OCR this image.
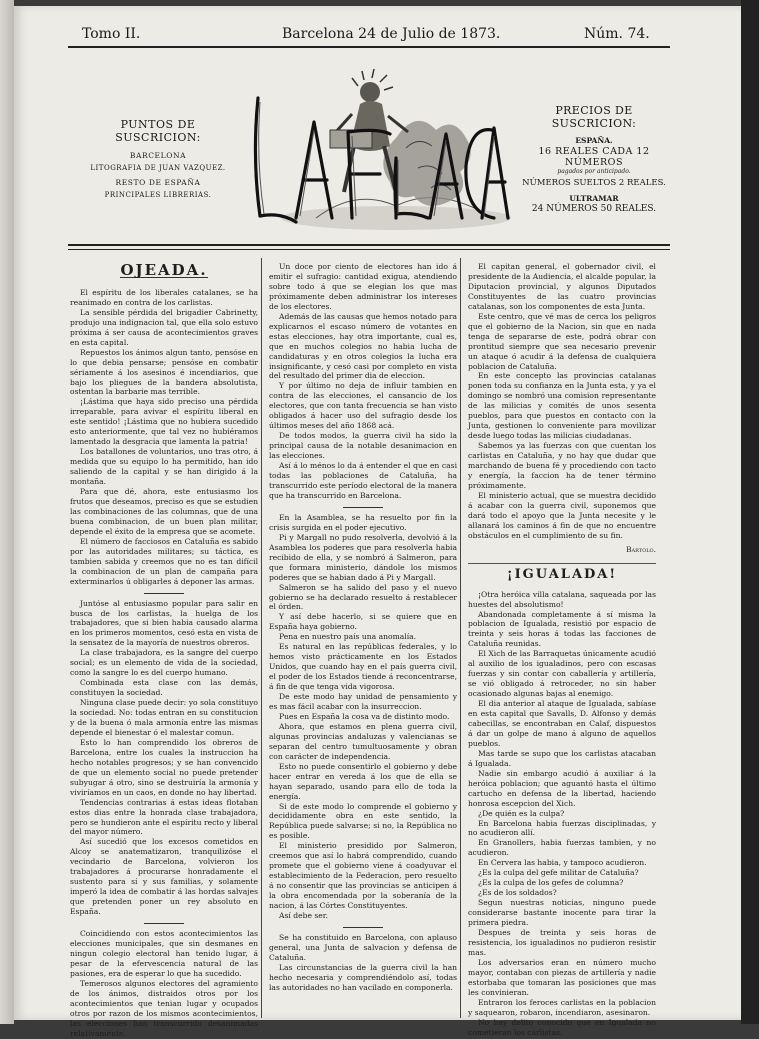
Tomo II.	Barcelona 24 de Julio de 1873.	Núm. 74.
PUNTOS DE SUSCRICION:
BARCELONA
LITOGRAFIA DE JUAN VAZQUEZ.
RESTO DE ESPAÑA
PRINCIPALES LIBRERIAS.
PRECIOS DE SUSCRICION:
ESPAÑA.
16 REALES CADA 12 NÚMEROS
pagados por anticipado.
NÚMEROS SUELTOS 2 REALES.
ULTRAMAR
24 NÚMEROS 50 REALES.
OJEADA.

El espíritu de los liberales catalanes, se ha reanimado en contra de los carlistas.

La sensible pérdida del brigadier Cabrinetty, produjo una indignacion tal, que ella solo estuvo próxima á ser causa de acontecimientos graves en esta capital.

Repuestos los ánimos algun tanto, pensóse en lo que debia pensarse; pensóse en combatir sériamente á los asesinos é incendiarios, que bajo los pliegues de la bandera absolutista, ostentan la barbarie mas terrible.

¡Lástima que haya sido preciso una pérdida irreparable, para avivar el espíritu liberal en este sentido! ¡Lástima que no hubiera sucedido esto anteriormente, que tal vez no hubiéramos lamentado la desgracia que lamenta la patria!

Los batallones de voluntarios, uno tras otro, á medida que su equipo lo ha permitido, han ido saliendo de la capital y se han dirigido á la montaña.

Para que dé, ahora, este entusiasmo los frutos que deseamos, preciso es que se estudien las combinaciones de las columnas, que de una buena combinacion, de un buen plan militar, depende el éxito de la empresa que se acomete.

El número de facciosos en Cataluña es sabido por las autoridades militares; su táctica, es tambien sabida y creemos que no es tan difícil la combinacion de un plan de campaña para exterminarlos ú obligarles á deponer las armas.

Juntóse al entusiasmo popular para salir en busca de los carlistas, la huelga de los trabajadores, que si bien habia causado alarma en los primeros momentos, cesó esta en vista de la sensatez de la mayoría de nuestros obreros.

La clase trabajadora, es la sangre del cuerpo social; es un elemento de vida de la sociedad, como la sangre lo es del cuerpo humano.

Combinada esta clase con las demás, constituyen la sociedad.

Ninguna clase puede decir: yo sola constituyo la sociedad. No: todas entran en su constitucion y de la buena ó mala armonía entre las mismas depende el bienestar ó el malestar comun.

Esto lo han comprendido los obreros de Barcelona, entre los cuales la instruccion ha hecho notables progresos; y se han convencido de que un elemento social no puede pretender subyugar á otro, sino se destruiría la armonía y viviríamos en un caos, en donde no hay libertad.

Tendencias contrarias á estas ideas flotaban estos dias entre la honrada clase trabajadora, pero se hundieron ante el espíritu recto y liberal del mayor número.

Así sucedió que los excesos cometidos en Alcoy se anatematizaron, tranquilizóse el vecindario de Barcelona, volvieron los trabajadores á procurarse honradamente el sustento para sí y sus familias, y solamente imperó la idea de combatir á las hordas salvajes que pretenden poner un rey absoluto en España.

Coincidiendo con estos acontecimientos las elecciones municipales, que sin desmanes en ningun colegio electoral han tenido lugar, á pesar de la efervescencia natural de las pasiones, era de esperar lo que ha sucedido.

Temerosos algunos electores del agramiento de los ánimos, distraidos otros por los acontecimientos que tenian lugar y ocupados otros por razon de los mismos acontecimientos, las elecciones han transcurrido desanimadas relativamente.

Un doce por ciento de electores han ido á emitir el sufragio: cantidad exigua, atendiendo sobre todo á que se elegian los que mas próximamente deben administrar los intereses de los electores.

Además de las causas que hemos notado para explicarnos el escaso número de votantes en estas elecciones, hay otra importante, cual es, que en muchos colegios no habia lucha de candidaturas y en otros colegios la lucha era insignificante, y cesó casi por completo en vista del resultado del primer dia de eleccion.

Y por último no deja de influir tambien en contra de las elecciones, el cansancio de los electores, que con tanta frecuencia se han visto obligados á hacer uso del sufragio desde los últimos meses del año 1868 acá.

De todos modos, la guerra civil ha sido la principal causa de la notable desanimacion en las elecciones.

Así á lo ménos lo da á entender el que en casi todas las poblaciones de Cataluña, ha transcurrido este período electoral de la manera que ha transcurrido en Barcelona.

En la Asamblea, se ha resuelto por fin la crisis surgida en el poder ejecutivo.

Pi y Margall no pudo resolverla, devolvió á la Asamblea los poderes que para resolverla habia recibido de ella, y se nombró á Salmeron, para que formara ministerio, dándole los mismos poderes que se habian dado á Pi y Margall.

Salmeron se ha salido del paso y el nuevo gobierno se ha declarado resuelto á restablecer el órden.

Y así debe hacerlo, si se quiere que en España haya gobierno.

Pena en nuestro país una anomalía.

Es natural en las repúblicas federales, y lo hemos visto prácticamente en los Estados Unidos, que cuando hay en el país guerra civil, el poder de los Estados tiende á reconcentrarse, á fin de que tenga vida vigorosa.

De este modo hay unidad de pensamiento y es mas fácil acabar con la insurreccion.

Pues en España la cosa va de distinto modo.

Ahora, que estamos en plena guerra civil, algunas provincias andaluzas y valencianas se separan del centro tumultuosamente y obran con carácter de independencia.

Esto no puede consentirlo el gobierno y debe hacer entrar en vereda á los que de ella se hayan separado, usando para ello de toda la energía.

Si de este modo lo comprende el gobierno y decididamente obra en este sentido, la República puede salvarse; si no, la República no es posible.

El ministerio presidido por Salmeron, creemos que así lo habrá comprendido, cuando promete que el gobierno viene á coadyuvar el establecimiento de la Federacion, pero resuelto á no consentir que las provincias se anticipen á la obra encomendada por la soberanía de la nacion, á las Córtes Constituyentes.

Así debe ser.

Se ha constituido en Barcelona, con aplauso general, una Junta de salvacion y defensa de Cataluña.

Las circunstancias de la guerra civil la han hecho necesaria y comprendiéndolo así, todas las autoridades no han vacilado en componerla.

El capitan general, el gobernador civil, el presidente de la Audiencia, el alcalde popular, la Diputacion provincial, y algunos Diputados Constituyentes de las cuatro provincias catalanas, son los componentes de esta Junta.

Este centro, que vé mas de cerca los peligros que el gobierno de la Nacion, sin que en nada tenga de separarse de este, podrá obrar con prontitud siempre que sea necesario prevenir un ataque ó acudir á la defensa de cualquiera poblacion de Cataluña.

En este concepto las provincias catalanas ponen toda su confianza en la Junta esta, y ya el domingo se nombró una comision representante de las milicias y comités de unos sesenta pueblos, para que puestos en contacto con la Junta, gestionen lo conveniente para movilizar desde luego todas las milicias ciudadanas.

Sabemos ya las fuerzas con que cuentan los carlistas en Cataluña, y no hay que dudar que marchando de buena fé y procediendo con tacto y energía, la faccion ha de tener término próximamente.

El ministerio actual, que se muestra decidido á acabar con la guerra civil, suponemos que dará todo el apoyo que la Junta necesite y le allanará los caminos á fin de que no encuentre obstáculos en el cumplimiento de su fin.

Bartolo.

¡IGUALADA!

¡Otra heróica villa catalana, saqueada por las huestes del absolutismo!

Abandonada completamente á sí misma la poblacion de Igualada, resistió por espacio de treinta y seis horas á todas las facciones de Cataluña reunidas.

El Xich de las Barraquetas únicamente acudió al auxilio de los igualadinos, pero con escasas fuerzas y sin contar con caballería y artillería, se vió obligado á retroceder, no sin haber ocasionado algunas bajas al enemigo.

El dia anterior al ataque de Igualada, sabíase en esta capital que Savalls, D. Alfonso y demás cabecillas, se encontraban en Calaf, dispuestos á dar un golpe de mano á alguno de aquellos pueblos.

Mas tarde se supo que los carlistas atacaban á Igualada.

Nadie sin embargo acudió á auxiliar á la heróica poblacion; que aguantó hasta el último cartucho en defensa de la libertad, haciendo honrosa escepcion del Xich.

¿De quién es la culpa?

En Barcelona habia fuerzas disciplinadas, y no acudieron allí.

En Granollers, habia fuerzas tambien, y no acudieron.

En Cervera las habia, y tampoco acudieron.

¿Es la culpa del gefe militar de Cataluña?

¿Es la culpa de los gefes de columna?

¿Es de los soldados?

Segun nuestras noticias, ninguno puede considerarse bastante inocente para tirar la primera piedra.

Despues de treinta y seis horas de resistencia, los igualadinos no pudieron resistir mas.

Los adversarios eran en número mucho mayor, contaban con piezas de artillería y nadie estorbaba que tomaran las posiciones que mas les convinieran.

Entraron los feroces carlistas en la poblacion y saquearon, robaron, incendiaron, asesinaron.

No hay delito conocido que en Igualada no cometieran los carlistas.
